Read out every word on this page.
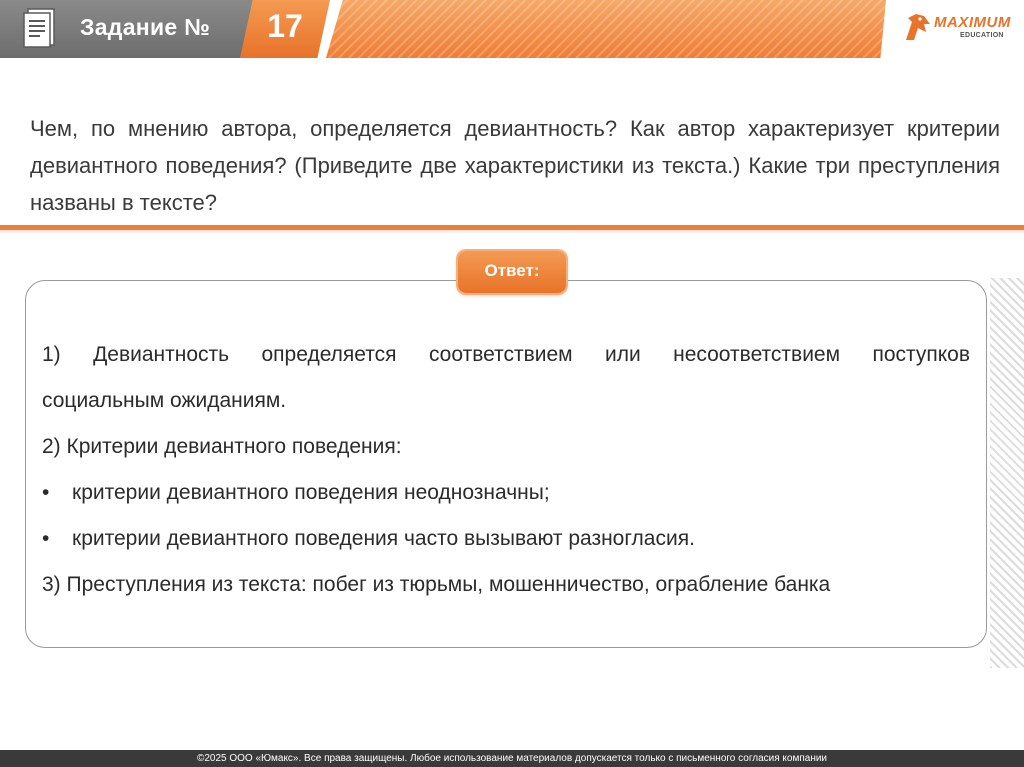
Задание №	17	MAXIMUM
EDUCATION
Чем, по мнению автора, определяется девиантность? Как автор характеризует критерии девиантного поведения? (Приведите две характеристики из текста.) Какие три преступления названы в тексте?
Ответ:
1) Девиантность определяется соответствием или несоответствием поступков
социальным ожиданиям.
2) Критерии девиантного поведения:
• критерии девиантного поведения неоднозначны;
• критерии девиантного поведения часто вызывают разногласия.
3) Преступления из текста: побег из тюрьмы, мошенничество, ограбление банка
©2025 ООО «Юмакс». Все права защищены. Любое использование материалов допускается только с письменного согласия компании
